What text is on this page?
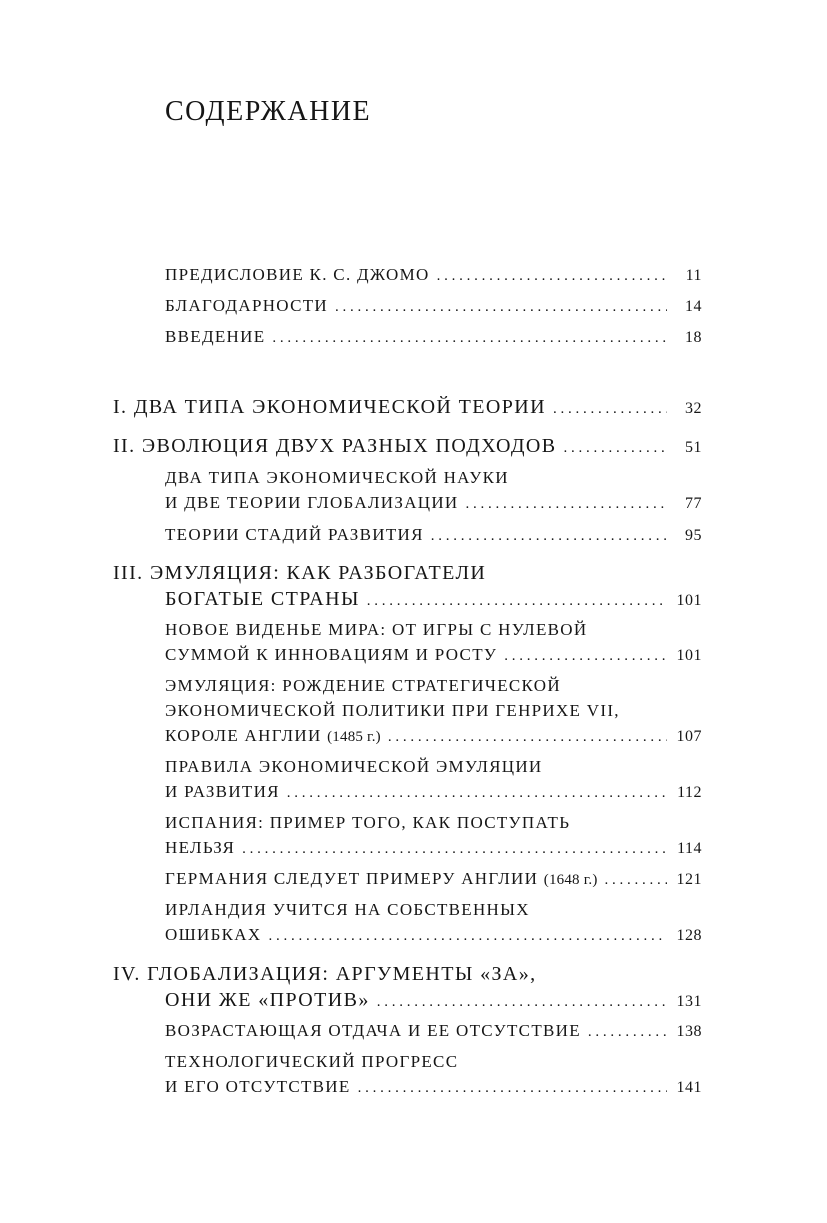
СОДЕРЖАНИЕ
ПРЕДИСЛОВИЕ К. С. ДЖОМО . . .	11
БЛАГОДАРНОСТИ . . .	14
ВВЕДЕНИЕ . . .	18
I. ДВА ТИПА ЭКОНОМИЧЕСКОЙ ТЕОРИИ . . .	32
II. ЭВОЛЮЦИЯ ДВУХ РАЗНЫХ ПОДХОДОВ . . .	51
ДВА ТИПА ЭКОНОМИЧЕСКОЙ НАУКИ
И ДВЕ ТЕОРИИ ГЛОБАЛИЗАЦИИ . . .	77
ТЕОРИИ СТАДИЙ РАЗВИТИЯ . . .	95
III. ЭМУЛЯЦИЯ: КАК РАЗБОГАТЕЛИ
БОГАТЫЕ СТРАНЫ . . .	101
НОВОЕ ВИДЕНЬЕ МИРА: ОТ ИГРЫ С НУЛЕВОЙ
СУММОЙ К ИННОВАЦИЯМ И РОСТУ . . .	101
ЭМУЛЯЦИЯ: РОЖДЕНИЕ СТРАТЕГИЧЕСКОЙ
ЭКОНОМИЧЕСКОЙ ПОЛИТИКИ ПРИ ГЕНРИХЕ VII,
КОРОЛЕ АНГЛИИ (1485 г.) . . .	107
ПРАВИЛА ЭКОНОМИЧЕСКОЙ ЭМУЛЯЦИИ
И РАЗВИТИЯ . . .	112
ИСПАНИЯ: ПРИМЕР ТОГО, КАК ПОСТУПАТЬ
НЕЛЬЗЯ . . .	114
ГЕРМАНИЯ СЛЕДУЕТ ПРИМЕРУ АНГЛИИ (1648 г.) . . .	121
ИРЛАНДИЯ УЧИТСЯ НА СОБСТВЕННЫХ
ОШИБКАХ . . .	128
IV. ГЛОБАЛИЗАЦИЯ: АРГУМЕНТЫ «ЗА»,
ОНИ ЖЕ «ПРОТИВ» . . .	131
ВОЗРАСТАЮЩАЯ ОТДАЧА И ЕЕ ОТСУТСТВИЕ . . .	138
ТЕХНОЛОГИЧЕСКИЙ ПРОГРЕСС
И ЕГО ОТСУТСТВИЕ . . .	141
